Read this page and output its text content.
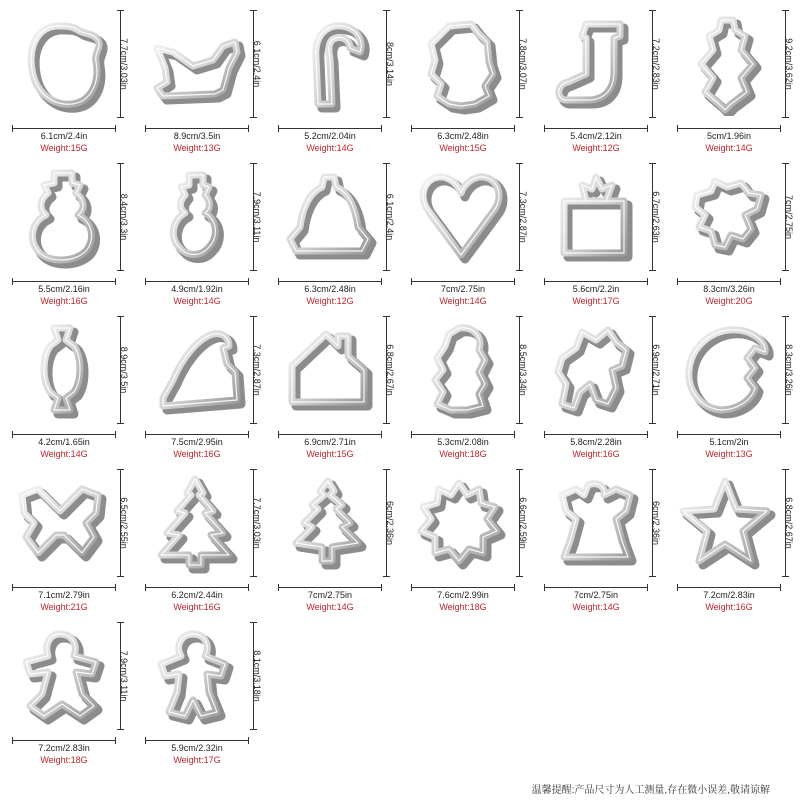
6.1cm/2.4in
Weight:15G
7.7cm/3.03in
8.9cm/3.5in
Weight:13G
6.1cm/2.4in
5.2cm/2.04in
Weight:14G
8cm/3.14in
6.3cm/2.48in
Weight:15G
7.8cm/3.07in
5.4cm/2.12in
Weight:12G
7.2cm/2.83in
5cm/1.96in
Weight:14G
9.2cm/3.62in
5.5cm/2.16in
Weight:16G
8.4cm/3.3in
4.9cm/1.92in
Weight:14G
7.9cm/3.11in
6.3cm/2.48in
Weight:12G
6.1cm/2.4in
7cm/2.75in
Weight:14G
7.3cm/2.87in
5.6cm/2.2in
Weight:17G
6.7cm/2.63in
8.3cm/3.26in
Weight:20G
7cm/2.75in
4.2cm/1.65in
Weight:14G
8.9cm/3.5in
7.5cm/2.95in
Weight:16G
7.3cm/2.87in
6.9cm/2.71in
Weight:15G
6.8cm/2.67in
5.3cm/2.08in
Weight:18G
8.5cm/3.34in
5.8cm/2.28in
Weight:16G
6.9cm/2.71in
5.1cm/2in
Weight:13G
8.3cm/3.26in
7.1cm/2.79in
Weight:21G
6.5cm/2.55in
6.2cm/2.44in
Weight:16G
7.7cm/3.03in
7cm/2.75in
Weight:14G
6cm/2.36in
7.6cm/2.99in
Weight:18G
6.6cm/2.59in
7cm/2.75in
Weight:14G
6cm/2.36in
7.2cm/2.83in
Weight:16G
6.8cm/2.67in
7.2cm/2.83in
Weight:18G
7.9cm/3.11in
5.9cm/2.32in
Weight:17G
8.1cm/3.18in
温馨提醒:产品尺寸为人工测量,存在微小误差,敬请谅解
